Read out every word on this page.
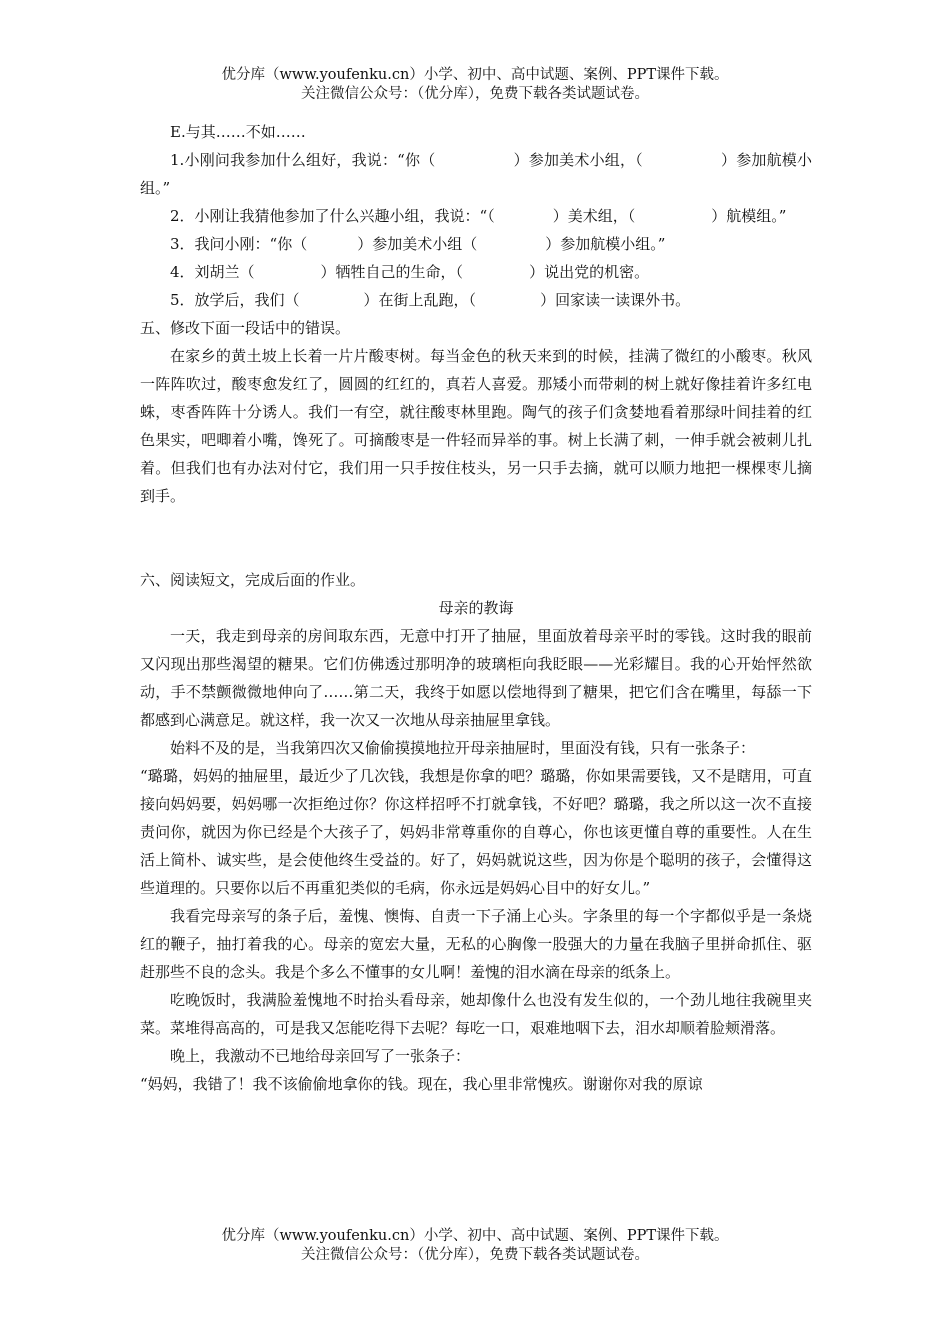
优分库（www.youfenku.cn）小学、初中、高中试题、案例、PPT课件下载。
关注微信公众号：（优分库），免费下载各类试题试卷。

E.与其……不如……

1.小刚问我参加什么组好，我说：“你（	）参加美术小组，（	）参加航模小组。”

2．小刚让我猜他参加了什么兴趣小组，我说：“（	）美术组，（	）航模组。”

3．我问小刚：“你（	）参加美术小组（	）参加航模小组。”

4．刘胡兰（	）牺牲自己的生命，（	）说出党的机密。

5．放学后，我们（	）在街上乱跑，（	）回家读一读课外书。

五、修改下面一段话中的错误。

在家乡的黄土坡上长着一片片酸枣树。每当金色的秋天来到的时候，挂满了微红的小酸枣。秋风一阵阵吹过，酸枣愈发红了，圆圆的红红的，真若人喜爱。那矮小而带刺的树上就好像挂着许多红电蛛，枣香阵阵十分诱人。我们一有空，就往酸枣林里跑。陶气的孩子们贪婪地看着那绿叶间挂着的红色果实，吧唧着小嘴，馋死了。可摘酸枣是一件轻而异举的事。树上长满了刺，一伸手就会被刺儿扎着。但我们也有办法对付它，我们用一只手按住枝头，另一只手去摘，就可以顺力地把一棵棵枣儿摘到手。

六、阅读短文，完成后面的作业。

母亲的教诲

一天，我走到母亲的房间取东西，无意中打开了抽屉，里面放着母亲平时的零钱。这时我的眼前又闪现出那些渴望的糖果。它们仿佛透过那明净的玻璃柜向我眨眼——光彩耀目。我的心开始怦然欲动，手不禁颤微微地伸向了……第二天，我终于如愿以偿地得到了糖果，把它们含在嘴里，每舔一下都感到心满意足。就这样，我一次又一次地从母亲抽屉里拿钱。

始料不及的是，当我第四次又偷偷摸摸地拉开母亲抽屉时，里面没有钱，只有一张条子：

“璐璐，妈妈的抽屉里，最近少了几次钱，我想是你拿的吧？璐璐，你如果需要钱，又不是瞎用，可直接向妈妈要，妈妈哪一次拒绝过你？你这样招呼不打就拿钱，不好吧？璐璐，我之所以这一次不直接责问你，就因为你已经是个大孩子了，妈妈非常尊重你的自尊心，你也该更懂自尊的重要性。人在生活上简朴、诚实些，是会使他终生受益的。好了，妈妈就说这些，因为你是个聪明的孩子，会懂得这些道理的。只要你以后不再重犯类似的毛病，你永远是妈妈心目中的好女儿。”

我看完母亲写的条子后，羞愧、懊悔、自责一下子涌上心头。字条里的每一个字都似乎是一条烧红的鞭子，抽打着我的心。母亲的宽宏大量，无私的心胸像一股强大的力量在我脑子里拼命抓住、驱赶那些不良的念头。我是个多么不懂事的女儿啊！羞愧的泪水滴在母亲的纸条上。

吃晚饭时，我满脸羞愧地不时抬头看母亲，她却像什么也没有发生似的，一个劲儿地往我碗里夹菜。菜堆得高高的，可是我又怎能吃得下去呢？每吃一口，艰难地咽下去，泪水却顺着脸颊滑落。

晚上，我激动不已地给母亲回写了一张条子：

“妈妈，我错了！我不该偷偷地拿你的钱。现在，我心里非常愧疚。谢谢你对我的原谅

优分库（www.youfenku.cn）小学、初中、高中试题、案例、PPT课件下载。
关注微信公众号：（优分库），免费下载各类试题试卷。
